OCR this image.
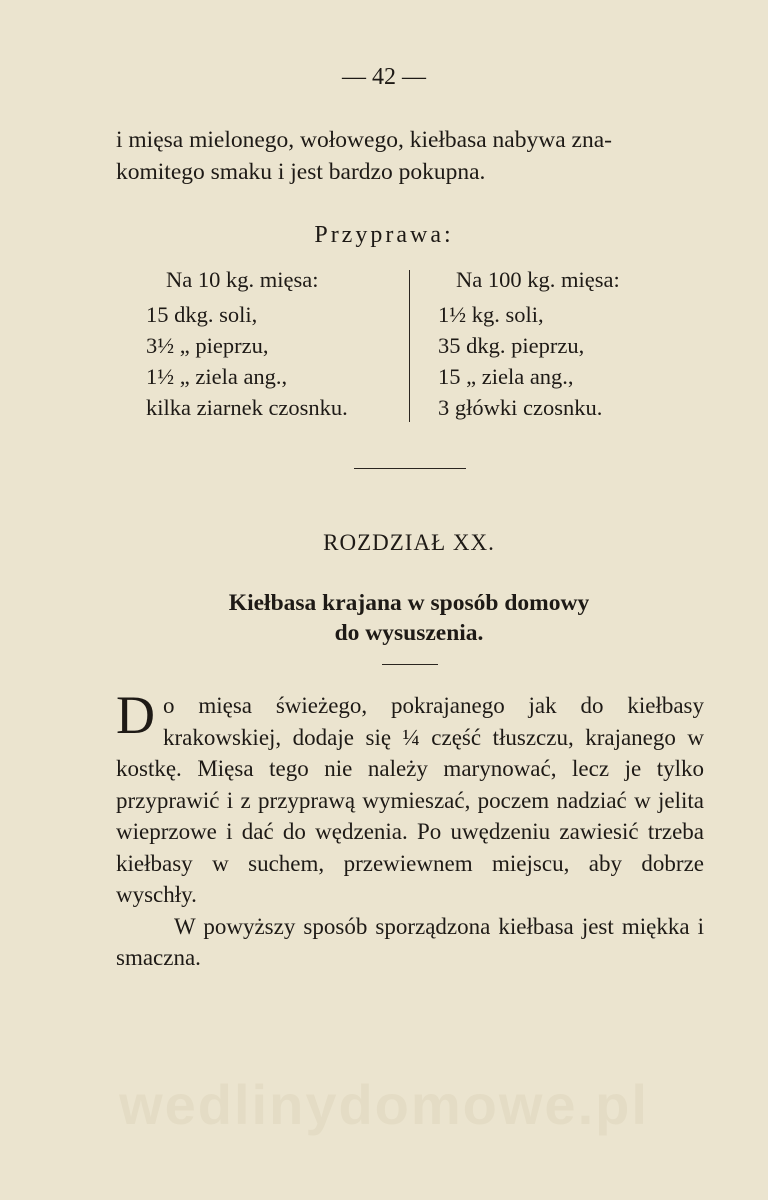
— 42 —

i mięsa mielonego, wołowego, kiełbasa nabywa zna-

komitego smaku i jest bardzo pokupna.

Przyprawa:

Na 10 kg. mięsa:

15 dkg. soli,
3½ „ pieprzu,
1½ „ ziela ang.,
kilka ziarnek czosnku.

Na 100 kg. mięsa:

1½ kg. soli,
35 dkg. pieprzu,
15 „ ziela ang.,
3 główki czosnku.
ROZDZIAŁ XX.

Kiełbasa krajana w sposób domowy

do wysuszenia.

Do mięsa świeżego, pokrajanego jak do kiełbasy krakowskiej, dodaje się ¼ część tłuszczu, krajanego w kostkę. Mięsa tego nie należy marynować, lecz je tylko przyprawić i z przyprawą wymieszać, poczem nadziać w jelita wieprzowe i dać do wędzenia. Po uwędzeniu zawiesić trzeba kiełbasy w suchem, przewiewnem miejscu, aby dobrze wyschły.

W powyższy sposób sporządzona kiełbasa jest miękka i smaczna.

wedlinydomowe.pl
